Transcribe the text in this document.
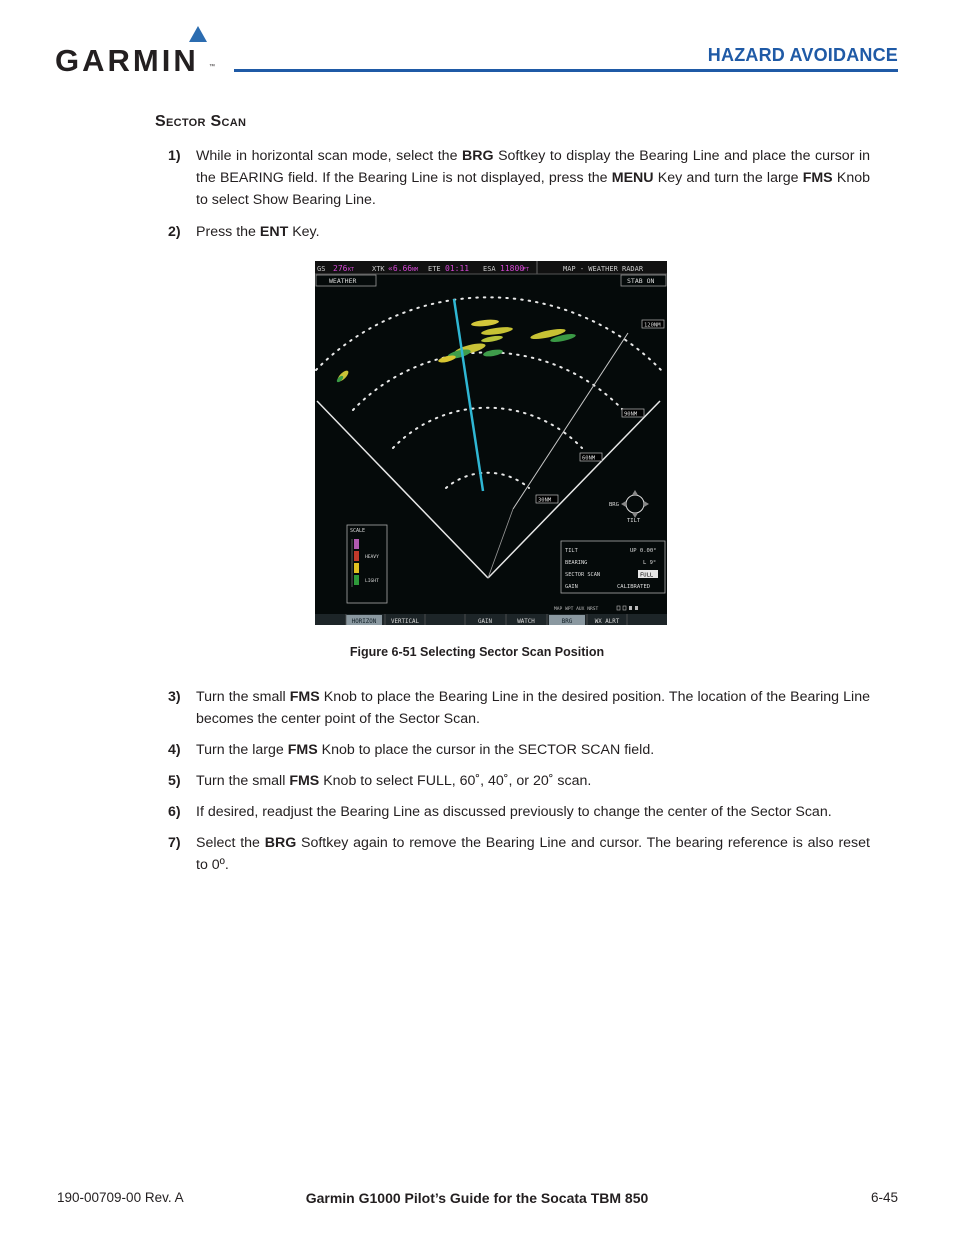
GARMIN ™
HAZARD AVOIDANCE
Sector Scan
1)	While in horizontal scan mode, select the BRG Softkey to display the Bearing Line and place the cursor in the BEARING field. If the Bearing Line is not displayed, press the MENU Key and turn the large FMS Knob to select Show Bearing Line.
2)	Press the ENT Key.
GS 276 KT	XTK «6.66 NM ETE 01:11 ESA 11800
FT	MAP - WEATHER RADAR
WEATHER	STAB ON
120NM
90NM
60NM
30NM
BRG
TILT
SCALE
HEAVY
LIGHT
TILT	UP 0.00°
BEARING	L 9°
SECTOR SCAN	FULL
GAIN	CALIBRATED
MAP WPT AUX NRST
HORIZON	VERTICAL	GAIN	WATCH	BRG	WX ALRT
Figure 6-51 Selecting Sector Scan Position
3)	Turn the small FMS Knob to place the Bearing Line in the desired position. The location of the Bearing Line becomes the center point of the Sector Scan.
4)	Turn the large FMS Knob to place the cursor in the SECTOR SCAN field.
5)	Turn the small FMS Knob to select FULL, 60˚, 40˚, or 20˚ scan.
6)	If desired, readjust the Bearing Line as discussed previously to change the center of the Sector Scan.
7)	Select the BRG Softkey again to remove the Bearing Line and cursor. The bearing reference is also reset to 0º.
190-00709-00 Rev. A	Garmin G1000 Pilot’s Guide for the Socata TBM 850	6-45
